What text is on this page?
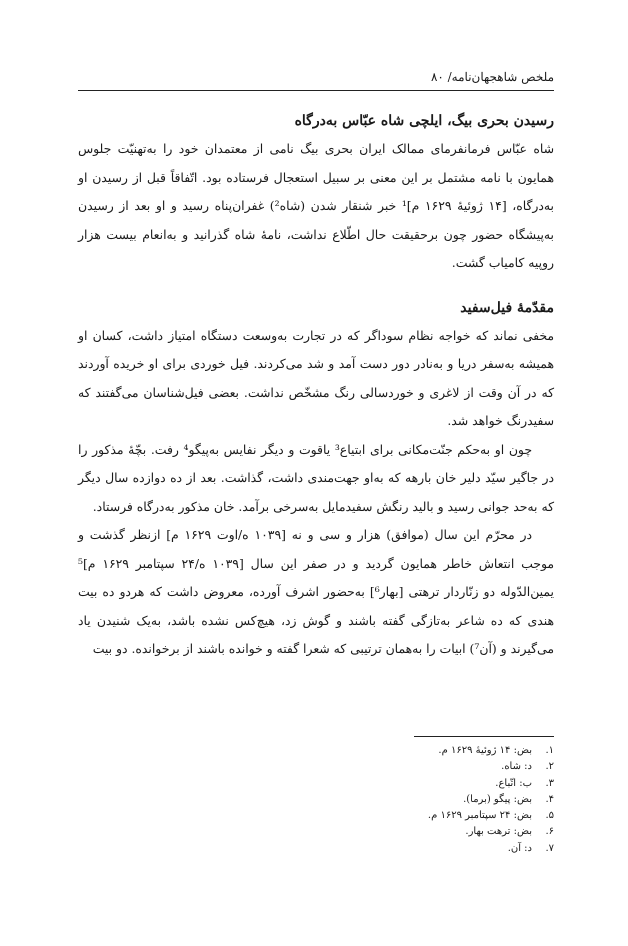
ملخص شاهجهان‌نامه/ ۸۰
رسیدن بحری بیگ، ایلچی شاه عبّاس به‌درگاه

شاه عبّاس فرمانفرمای ممالک ایران بحری بیگ نامی از معتمدان خود را به‌تهنیّت جلوس همایون با نامه مشتمل بر این معنی بر سبیل استعجال فرستاده بود. اتّفاقاً قبل از رسیدن او به‌درگاه، [۱۴ ژوئیهٔ ۱۶۲۹ م]¹ خبر شنقار شدن (شاه²) غفران‌پناه رسید و او بعد از رسیدن به‌پیشگاه حضور چون برحقیقت حال اطّلاع نداشت، نامهٔ شاه گذرانید و به‌انعام بیست هزار روپیه کامیاب گشت.

مقدّمهٔ فیل‌سفید

مخفی نماند که خواجه نظام سوداگر که در تجارت به‌وسعت دستگاه امتیاز داشت، کسان او همیشه به‌سفر دریا و به‌نادر دور دست آمد و شد می‌کردند. فیل خوردی برای او خریده آوردند که در آن وقت از لاغری و خوردسالی رنگ مشخّص نداشت. بعضی فیل‌شناسان می‌گفتند که سفیدرنگ خواهد شد.

چون او به‌حکم جنّت‌مکانی برای ابتیاع³ یاقوت و دیگر نفایس به‌پیگو⁴ رفت. بچّهٔ مذکور را در جاگیر سیّد دلیر خان بارهه که به‌او جهت‌مندی داشت، گذاشت. بعد از ده دوازده سال دیگر که به‌حد جوانی رسید و بالید رنگش سفیدمایل به‌سرخی برآمد. خان مذکور به‌درگاه فرستاد.

در محرّم این سال (موافق) هزار و سی و نه [۱۰۳۹ ه/اوت ۱۶۲۹ م] ازنظر گذشت و موجب انتعاش خاطر همایون گردید و در صفر این سال [۱۰۳۹ ه/۲۴ سپتامبر ۱۶۲۹ م]⁵ یمین‌الدّوله دو زنّاردار ترهتی [بهار⁶] به‌حضور اشرف آورده، معروض داشت که هردو ده بیت هندی که ده شاعر به‌تازگی گفته باشند و گوش زد، هیچ‌کس نشده باشد، به‌یک شنیدن یاد می‌گیرند و (آن⁷) ابیات را به‌همان ترتیبی که شعرا گفته و خوانده باشند از برخوانده. دو بیت

۱.بض: ۱۴ ژوئیهٔ ۱۶۲۹ م.
۲.د: شاه.
۳.ب: اتّباع.
۴.بض: پیگو (برما).
۵.بض: ۲۴ سپتامبر ۱۶۲۹ م.
۶.بض: ترهت بهار.
۷.د: آن.
